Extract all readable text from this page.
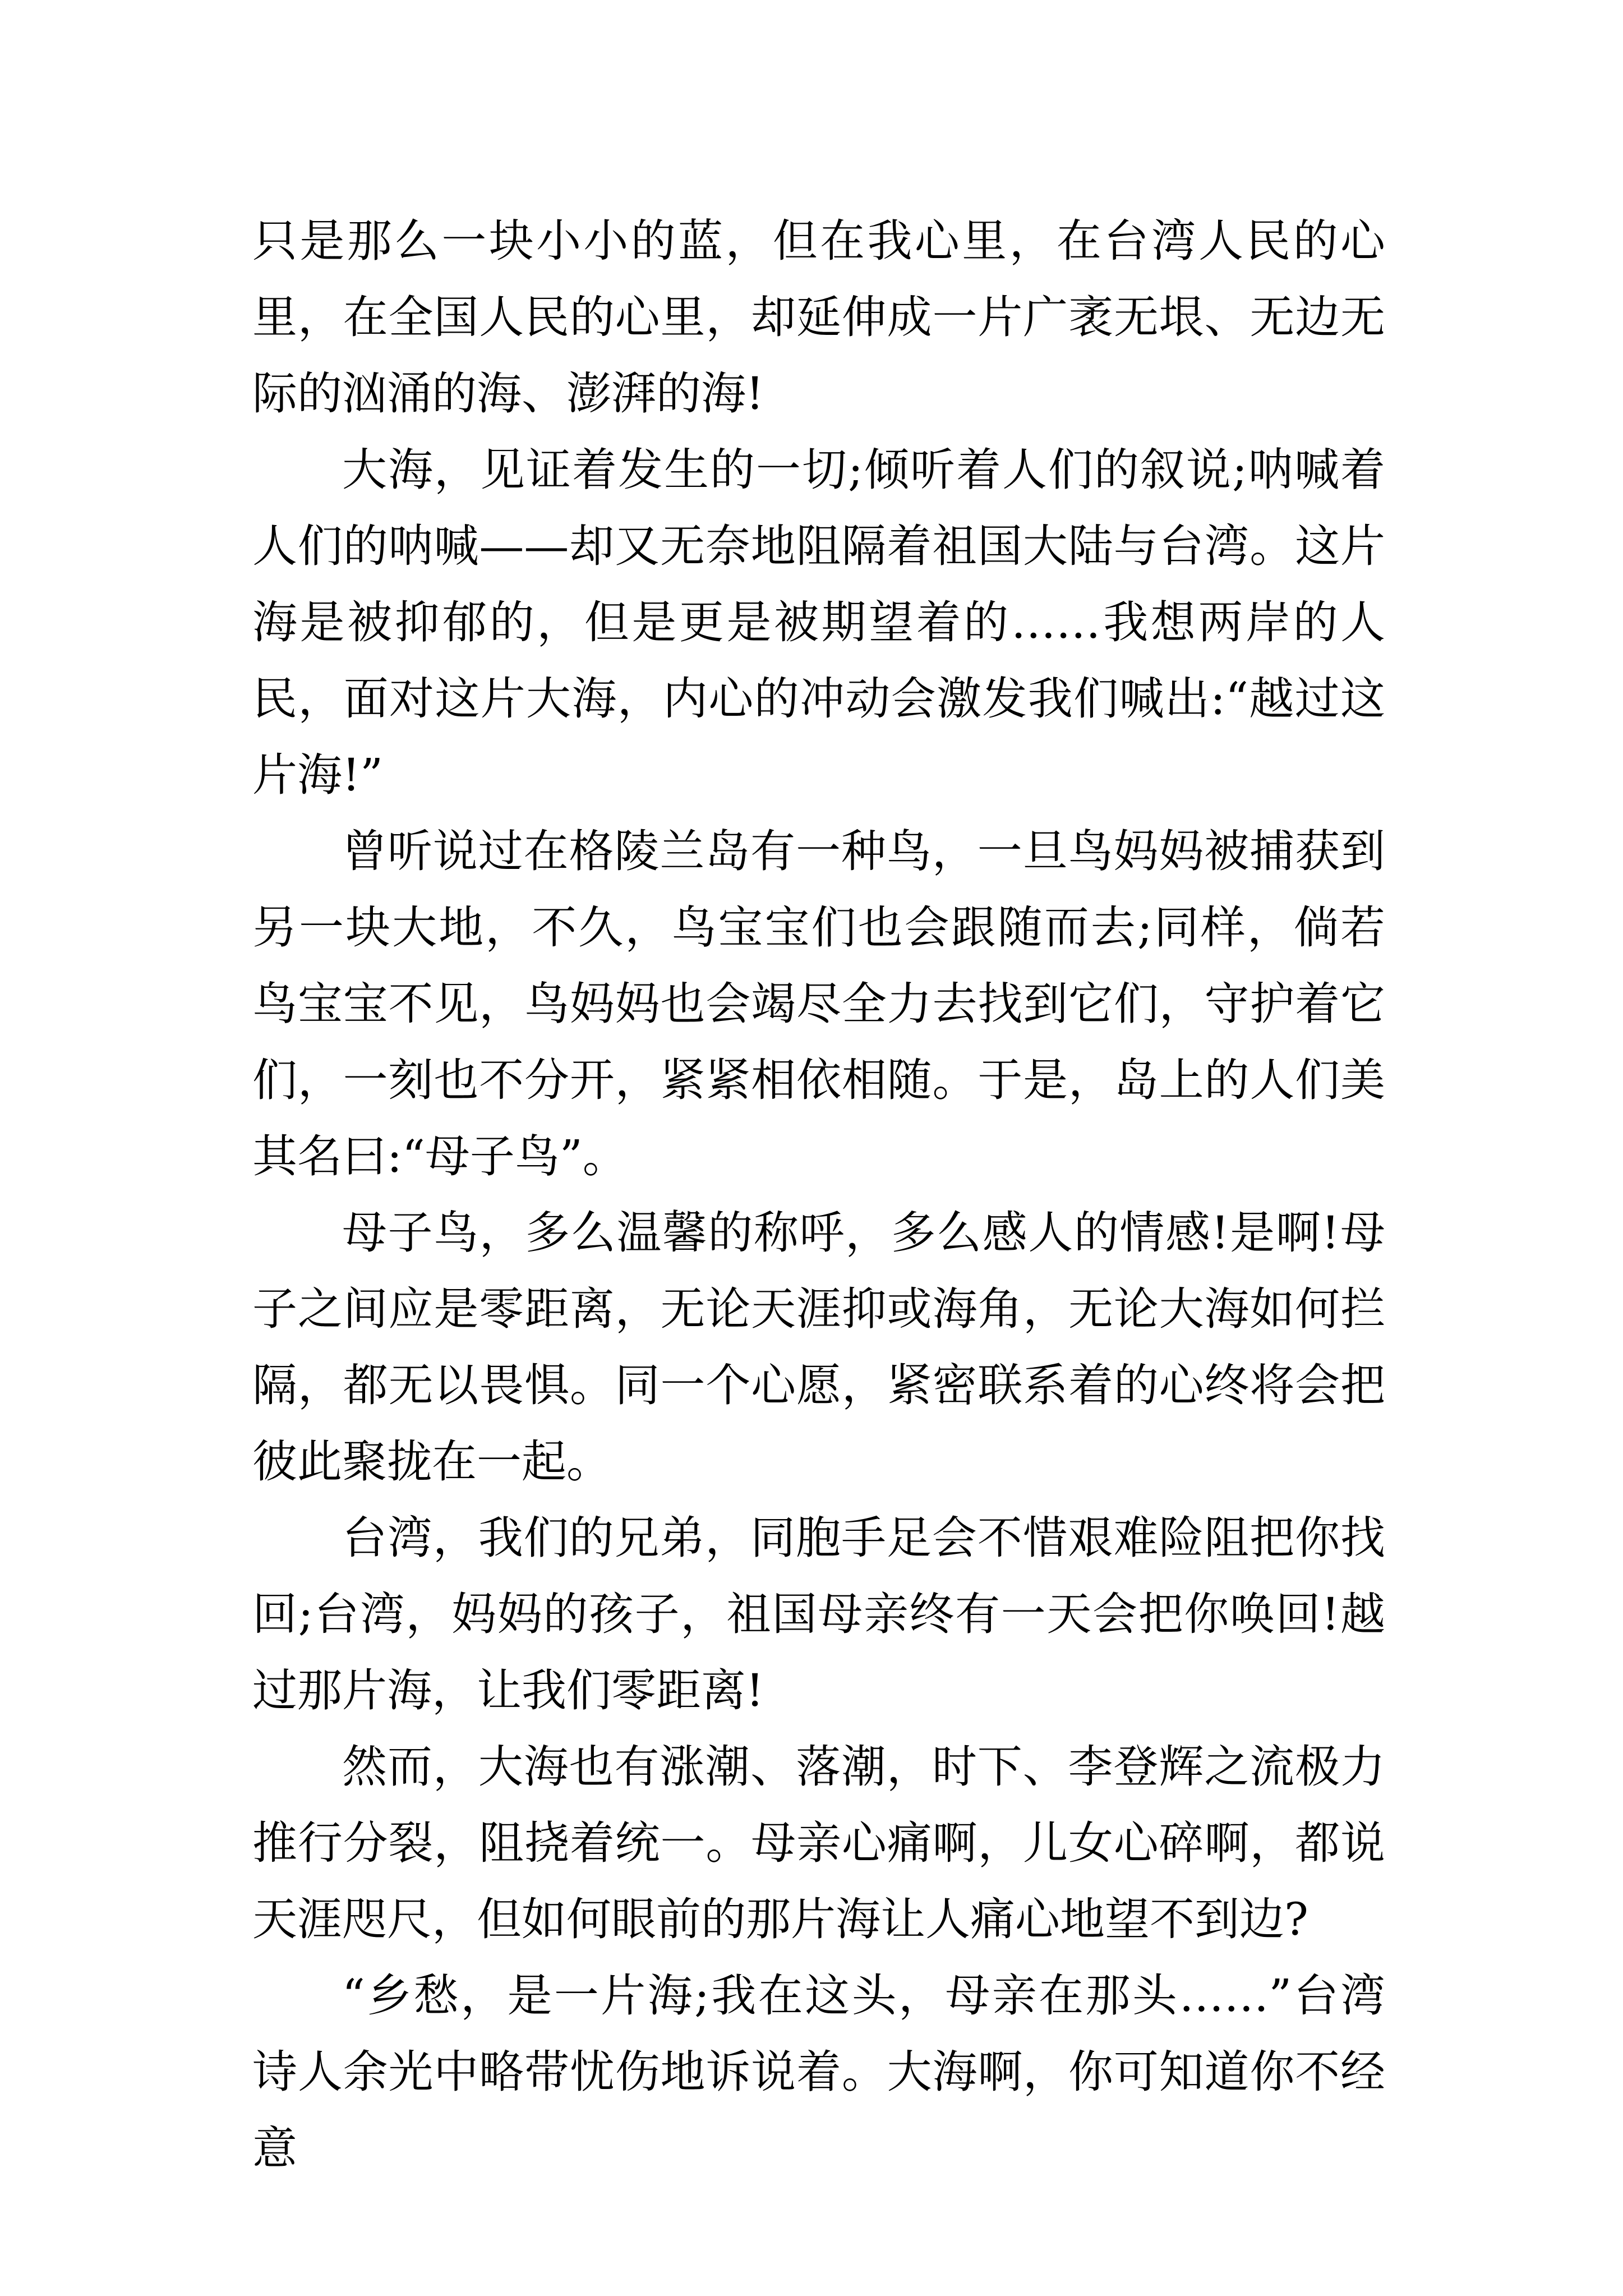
只是那么一块小小的蓝，但在我心里，在台湾人民的心里，在全国人民的心里，却延伸成一片广袤无垠、无边无际的汹涌的海、澎湃的海!

大海，见证着发生的一切;倾听着人们的叙说;呐喊着人们的呐喊——却又无奈地阻隔着祖国大陆与台湾。这片海是被抑郁的，但是更是被期望着的……我想两岸的人民，面对这片大海，内心的冲动会激发我们喊出:“越过这片海!”

曾听说过在格陵兰岛有一种鸟，一旦鸟妈妈被捕获到另一块大地，不久，鸟宝宝们也会跟随而去;同样，倘若鸟宝宝不见，鸟妈妈也会竭尽全力去找到它们，守护着它们，一刻也不分开，紧紧相依相随。于是，岛上的人们美其名曰:“母子鸟”。

母子鸟，多么温馨的称呼，多么感人的情感!是啊!母子之间应是零距离，无论天涯抑或海角，无论大海如何拦隔，都无以畏惧。同一个心愿，紧密联系着的心终将会把彼此聚拢在一起。

台湾，我们的兄弟，同胞手足会不惜艰难险阻把你找回;台湾，妈妈的孩子，祖国母亲终有一天会把你唤回!越过那片海，让我们零距离!

然而，大海也有涨潮、落潮，时下、李登辉之流极力推行分裂，阻挠着统一。母亲心痛啊，儿女心碎啊，都说天涯咫尺，但如何眼前的那片海让人痛心地望不到边?

“乡愁，是一片海;我在这头，母亲在那头……”台湾诗人余光中略带忧伤地诉说着。大海啊，你可知道你不经意
